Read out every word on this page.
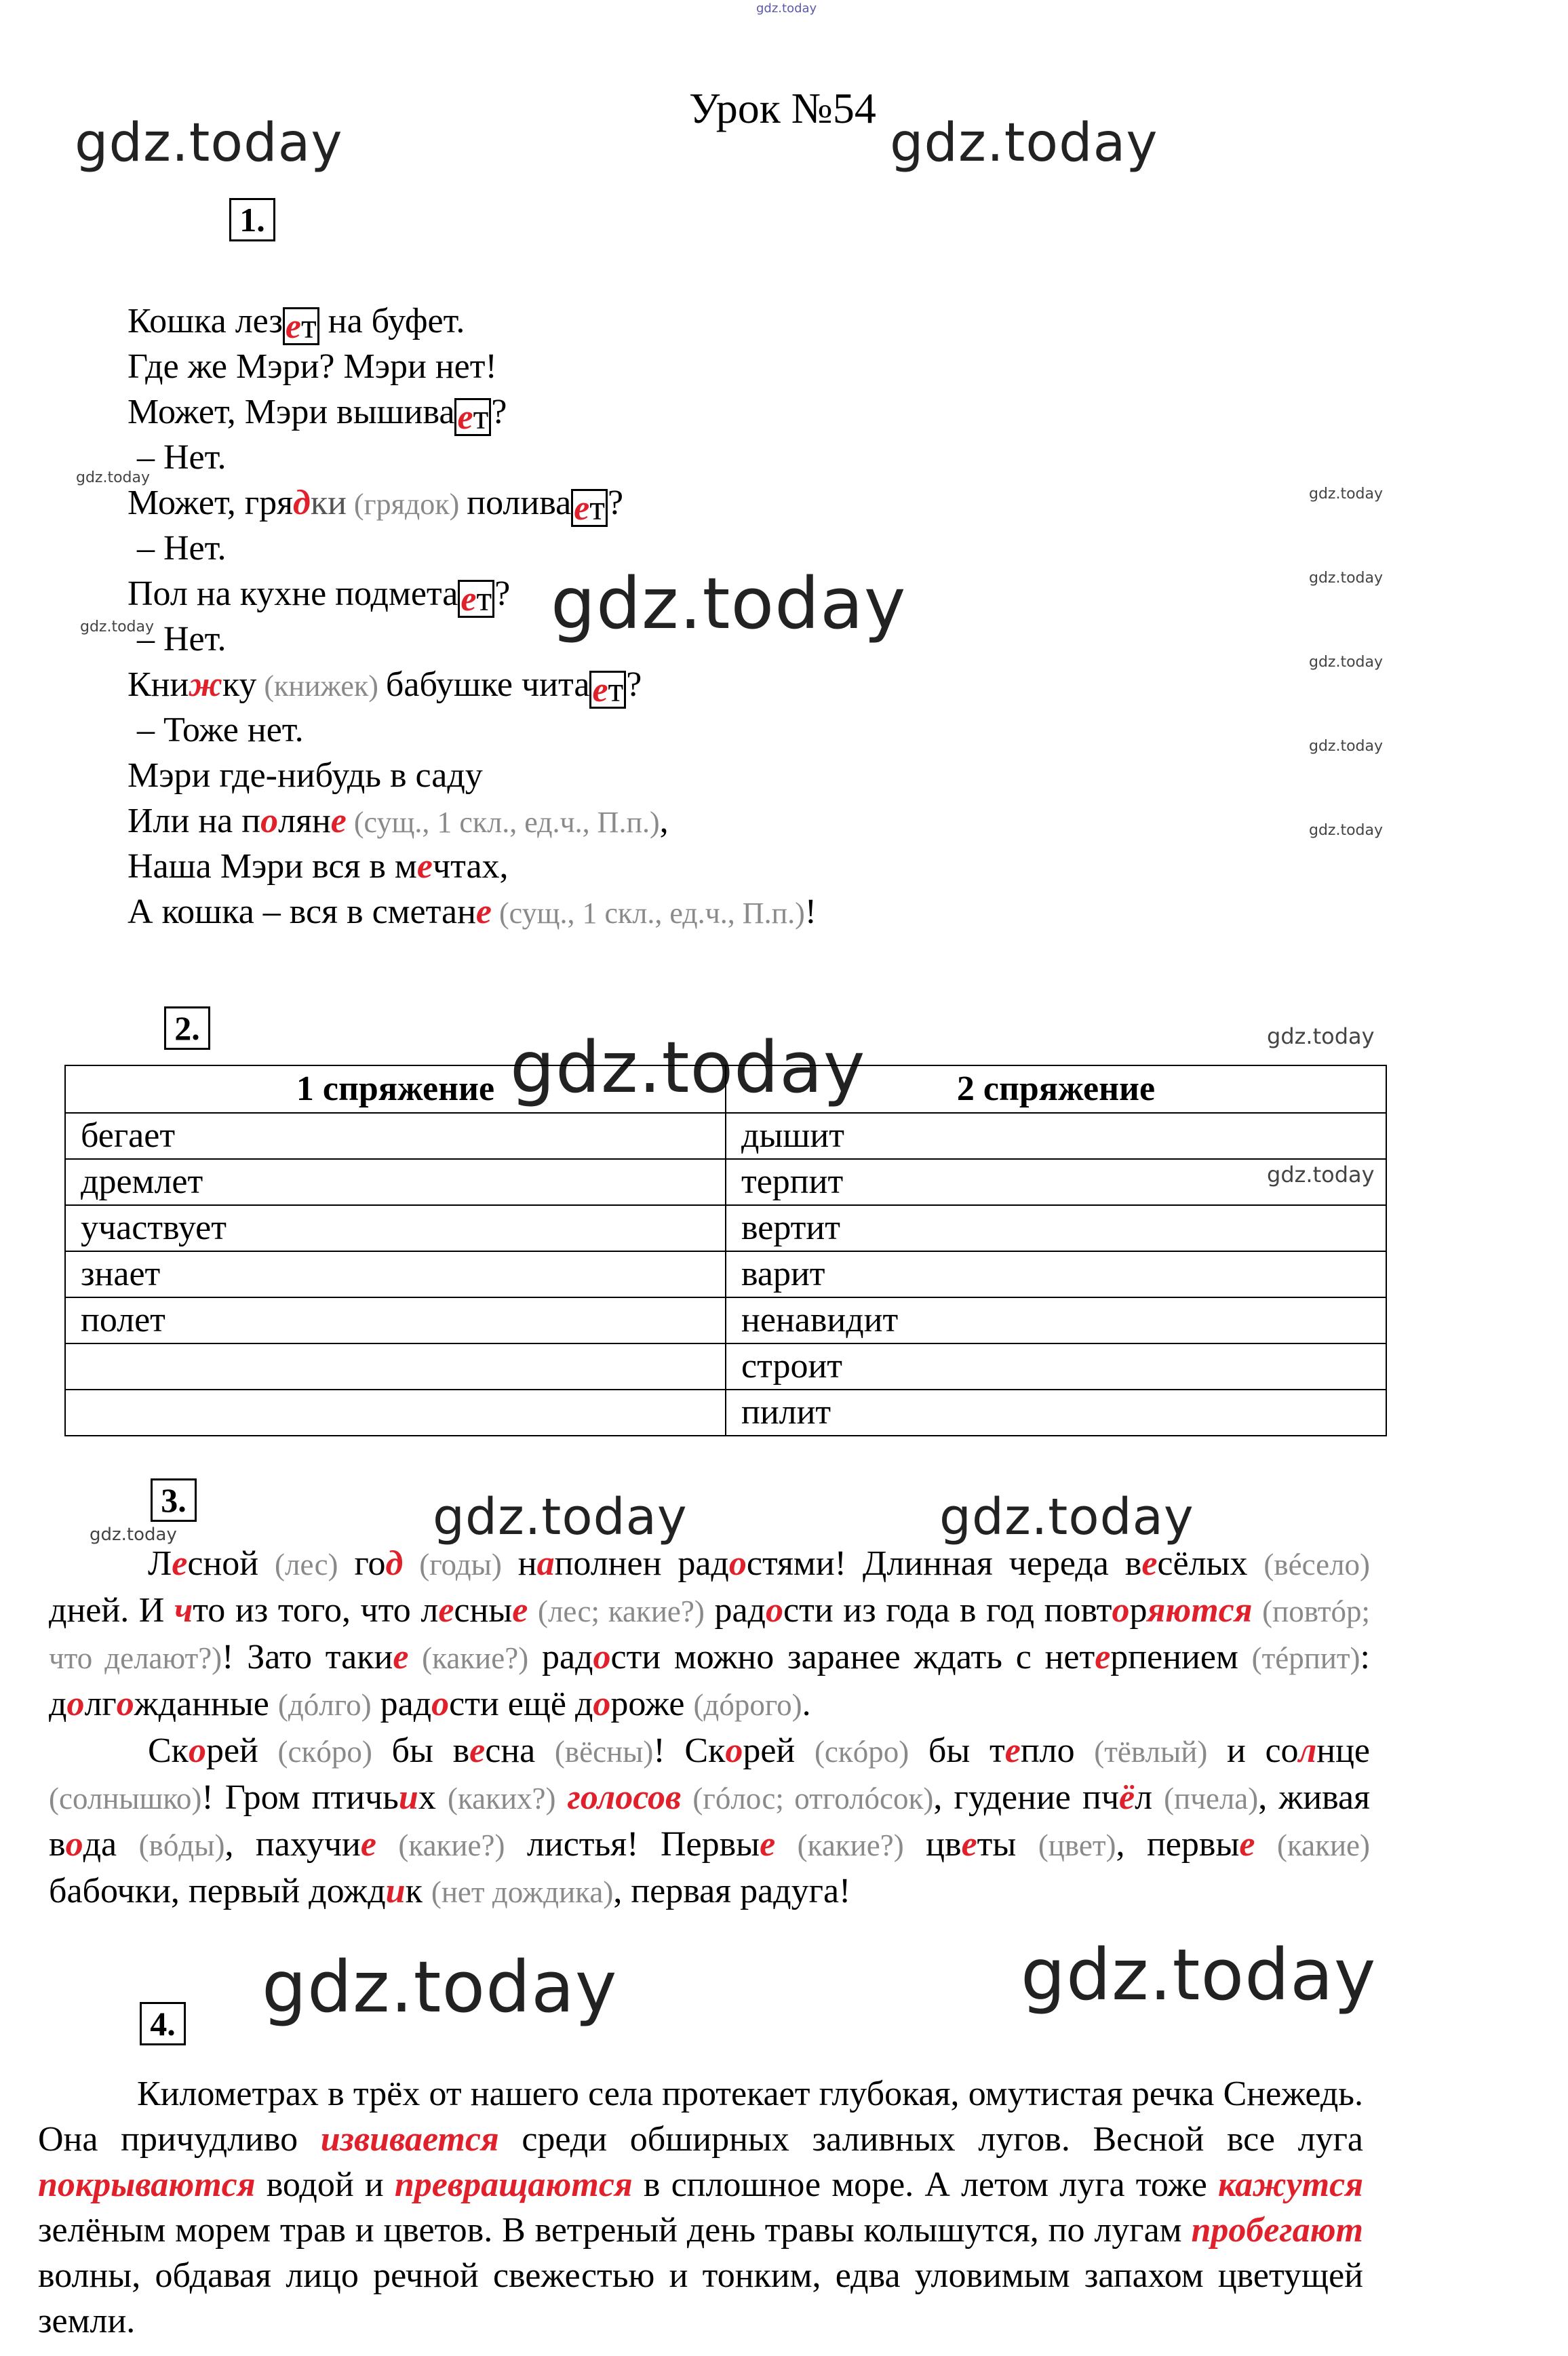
gdz.today
Урок №54
gdz.today	gdz.today
gdz.today
gdz.today
gdz.today	gdz.today
gdz.today	gdz.today
gdz.today
gdz.today
gdz.today
gdz.today
gdz.today
gdz.today
gdz.today
gdz.today
gdz.today
gdz.today
1.
2.
3.
4.
Кошка лезет на буфет.
Где же Мэри? Мэри нет!
Может, Мэри вышивает?
– Нет.
Может, грядки (грядок) поливает?
– Нет.
Пол на кухне подметает?
– Нет.
Книжку (книжек) бабушке читает?
– Тоже нет.
Мэри где-нибудь в саду
Или на поляне (сущ., 1 скл., ед.ч., П.п.),
Наша Мэри вся в мечтах,
А кошка – вся в сметане (сущ., 1 скл., ед.ч., П.п.)!
1 спряжение	2 спряжение
бегает	дышит
дремлет	терпит
участвует	вертит
знает	варит
полет	ненавидит
	строит
	пилит

Лесной (лес) год (годы) наполнен радостями! Длинная череда весёлых (вéсело) дней. И что из того, что лесные (лес; какие?) радости из года в год повторяются (повтóр; что делают?)! Зато такие (какие?) радости можно заранее ждать с нетерпением (тéрпит): долгожданные (дóлго) радости ещё дороже (дóрого).

Скорей (скóро) бы весна (вёсны)! Скорей (скóро) бы тепло (тёвлый) и солнце (солнышко)! Гром птичьих (каких?) голосов (гóлос; отголóсок), гудение пчёл (пчела), живая вода (вóды), пахучие (какие?) листья! Первые (какие?) цветы (цвет), первые (какие) бабочки, первый дождик (нет дождика), первая радуга!

Километрах в трёх от нашего села протекает глубокая, омутистая речка Снежедь. Она причудливо извивается среди обширных заливных лугов. Весной все луга покрываются водой и превращаются в сплошное море. А летом луга тоже кажутся зелёным морем трав и цветов. В ветреный день травы колышутся, по лугам пробегают волны, обдавая лицо речной свежестью и тонким, едва уловимым запахом цветущей земли.
